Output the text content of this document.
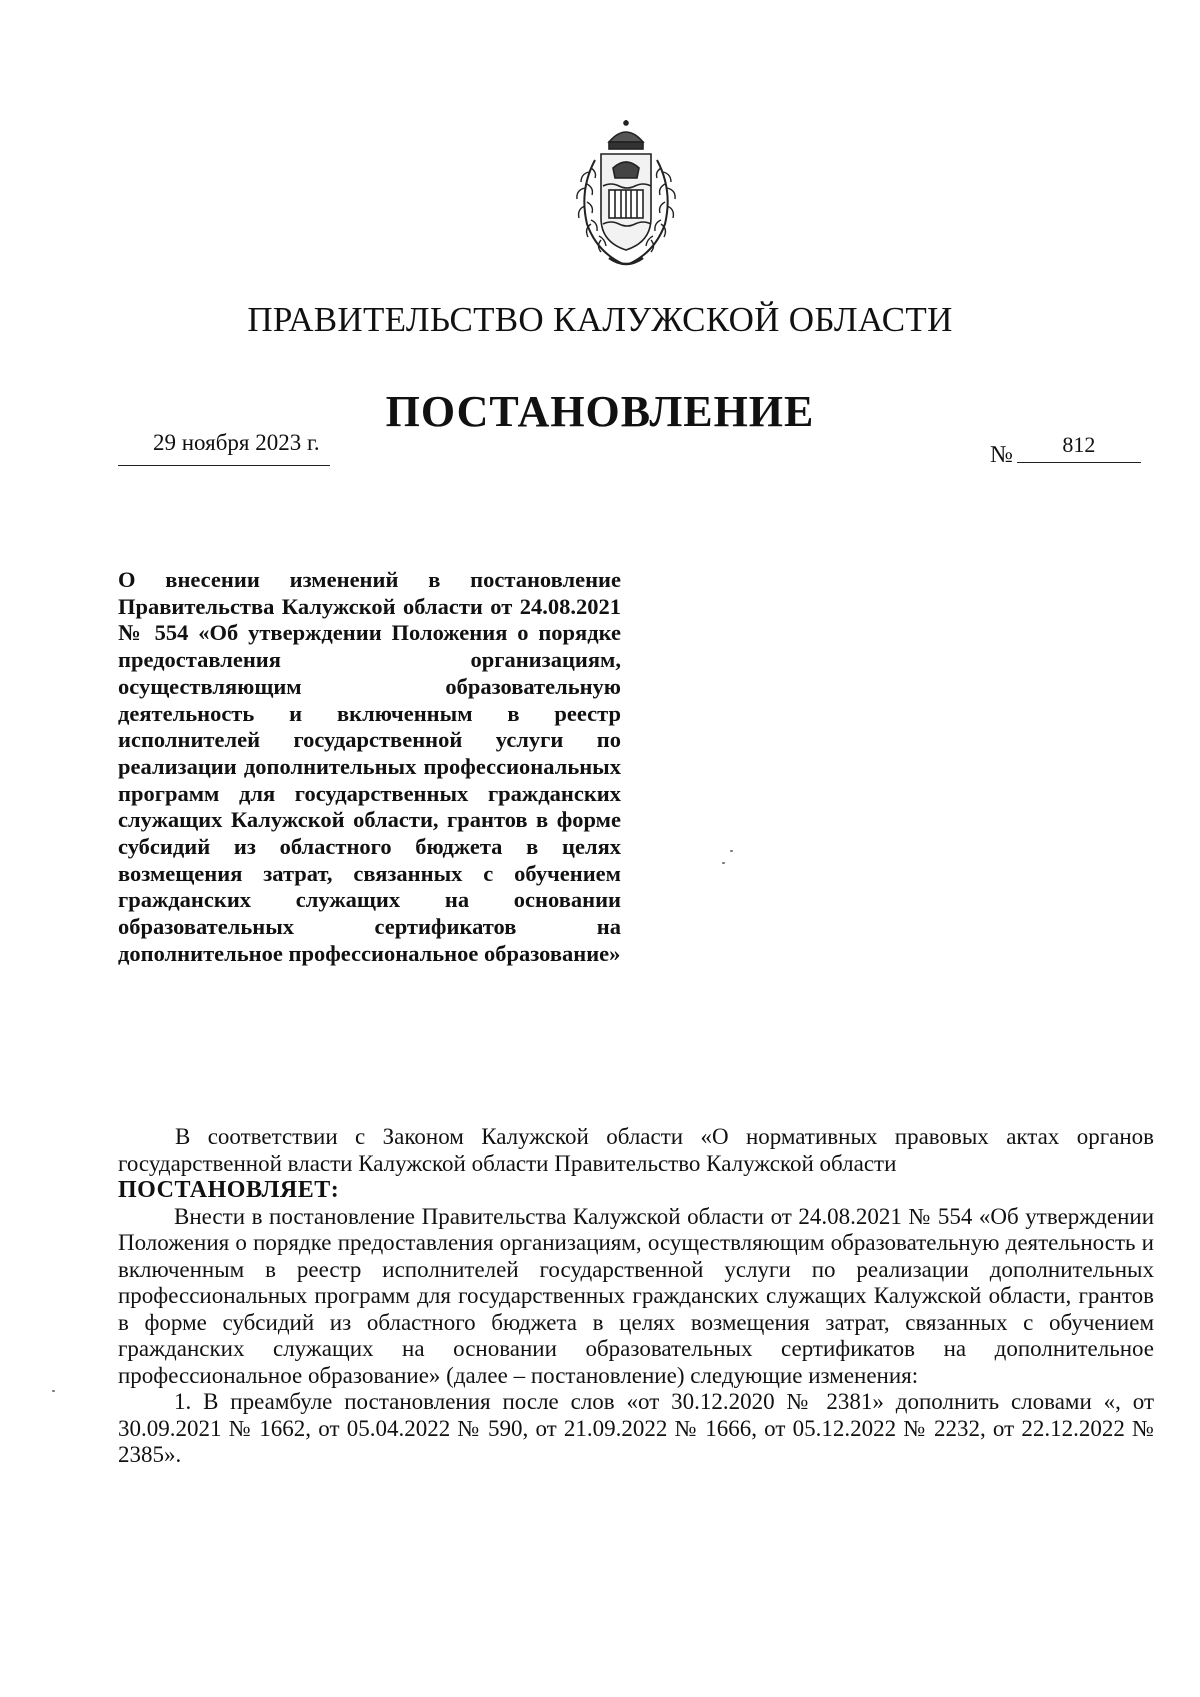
ПРАВИТЕЛЬСТВО КАЛУЖСКОЙ ОБЛАСТИ
ПОСТАНОВЛЕНИЕ
29 ноября 2023 г.	№	812
О внесении изменений в постановление Правительства Калужской области от 24.08.2021 № 554 «Об утверждении Положения о порядке предоставления организациям, осуществляющим образовательную деятельность и включенным в реестр исполнителей государственной услуги по реализации дополнительных профессиональных программ для государственных гражданских служащих Калужской области, грантов в форме субсидий из областного бюджета в целях возмещения затрат, связанных с обучением гражданских служащих на основании образовательных сертификатов на дополнительное профессиональное образование»

В соответствии с Законом Калужской области «О нормативных правовых актах органов государственной власти Калужской области Правительство Калужской области
ПОСТАНОВЛЯЕТ:

Внести в постановление Правительства Калужской области от 24.08.2021 № 554 «Об утверждении Положения о порядке предоставления организациям, осуществляющим образовательную деятельность и включенным в реестр исполнителей государственной услуги по реализации дополнительных профессиональных программ для государственных гражданских служащих Калужской области, грантов в форме субсидий из областного бюджета в целях возмещения затрат, связанных с обучением гражданских служащих на основании образовательных сертификатов на дополнительное профессиональное образование» (далее – постановление) следующие изменения:

1. В преамбуле постановления после слов «от 30.12.2020 № 2381» дополнить словами «, от 30.09.2021 № 1662, от 05.04.2022 № 590, от 21.09.2022 № 1666, от 05.12.2022 № 2232, от 22.12.2022 № 2385».
